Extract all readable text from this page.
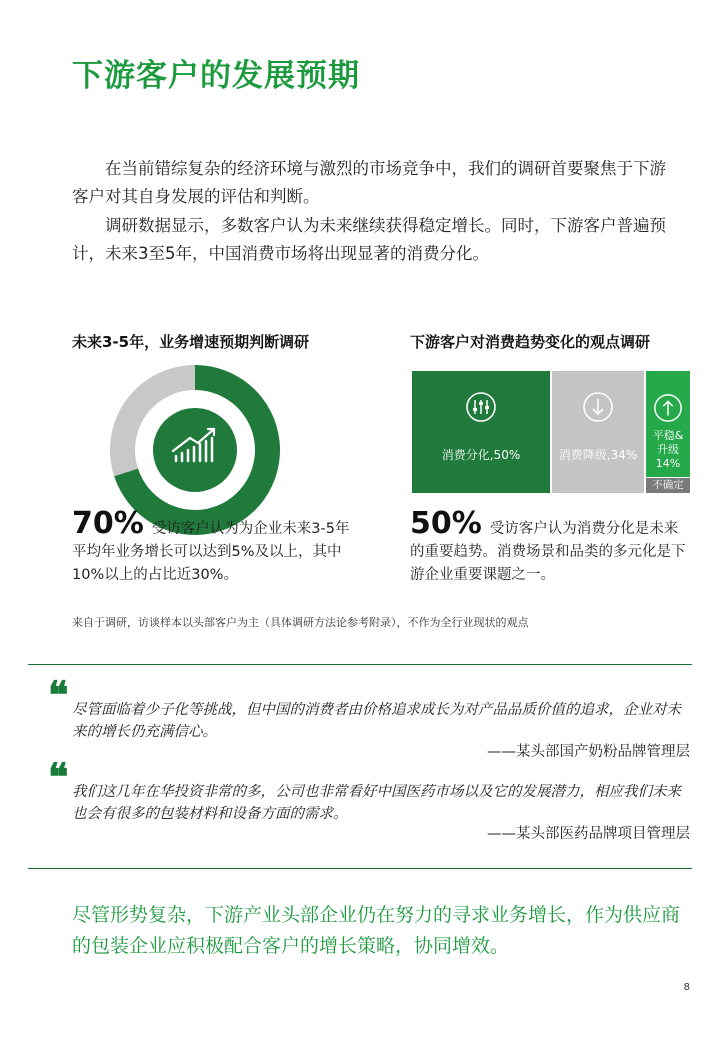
下游客户的发展预期
在当前错综复杂的经济环境与激烈的市场竞争中，我们的调研首要聚焦于下游客户对其自身发展的评估和判断。
调研数据显示，多数客户认为未来继续获得稳定增长。同时，下游客户普遍预计，未来3至5年，中国消费市场将出现显著的消费分化。
未来3-5年，业务增速预期判断调研	下游客户对消费趋势变化的观点调研
消费分化,50%	消费降级,34%
平稳&
升级
14%
不确定
70% 受访客户认为为企业未来3-5年平均年业务增长可以达到5%及以上，其中10%以上的占比近30%。
50% 受访客户认为消费分化是未来的重要趋势。消费场景和品类的多元化是下游企业重要课题之一。
来自于调研，访谈样本以头部客户为主（具体调研方法论参考附录），不作为全行业现状的观点
❝ 尽管面临着少子化等挑战，但中国的消费者由价格追求成长为对产品品质价值的追求，企业对未来的增长仍充满信心。
——某头部国产奶粉品牌管理层
❝ 我们这几年在华投资非常的多，公司也非常看好中国医药市场以及它的发展潜力，相应我们未来也会有很多的包装材料和设备方面的需求。
——某头部医药品牌项目管理层
尽管形势复杂，下游产业头部企业仍在努力的寻求业务增长，作为供应商的包装企业应积极配合客户的增长策略，协同增效。
8
